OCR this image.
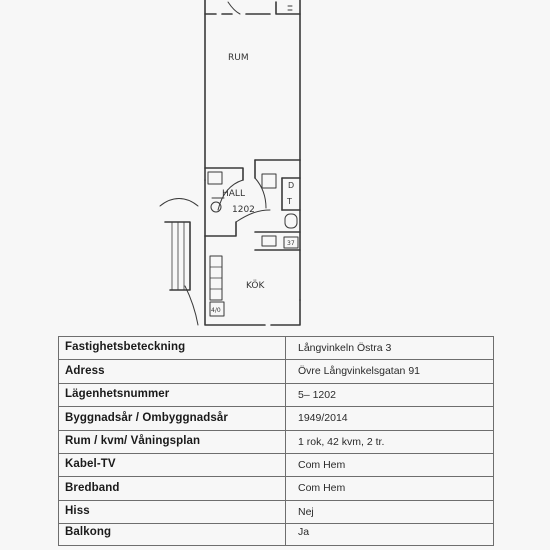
RUM
HALL
1202
KÖK
D
T
4/0
37
Fastighetsbeteckning	Långvinkeln Östra 3
Adress	Övre Långvinkelsgatan 91
Lägenhetsnummer	5– 1202
Byggnadsår / Ombyggnadsår	1949/2014
Rum / kvm/ Våningsplan	1 rok, 42 kvm, 2 tr.
Kabel-TV	Com Hem
Bredband	Com Hem
Hiss	Nej
Balkong	Ja
